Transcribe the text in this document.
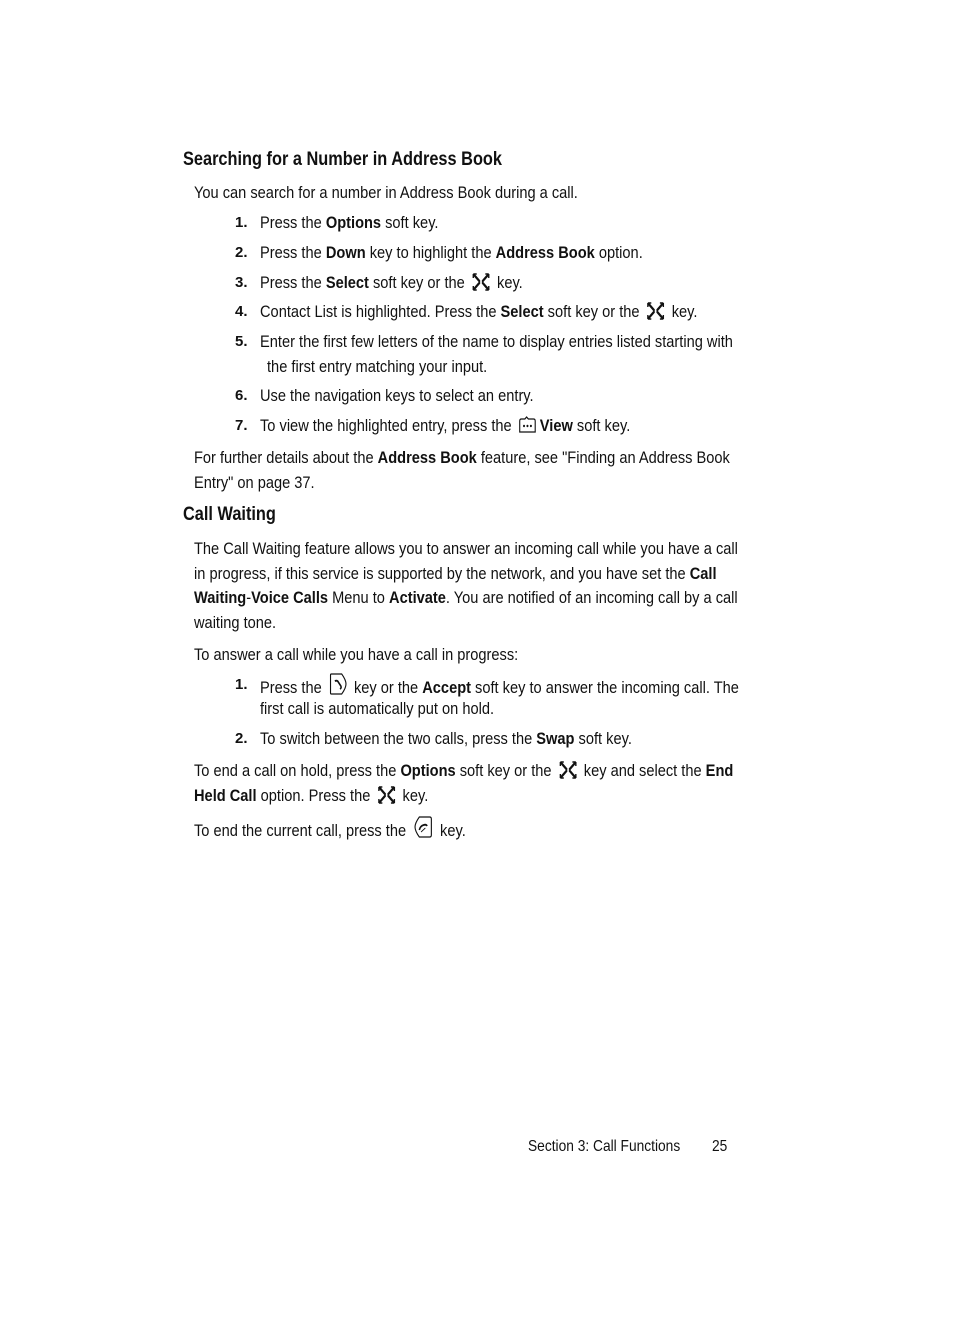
Searching for a Number in Address Book
You can search for a number in Address Book during a call.
1. Press the Options soft key.
2. Press the Down key to highlight the Address Book option.
3. Press the Select soft key or the  key.
4. Contact List is highlighted. Press the Select soft key or the  key.
5. Enter the first few letters of the name to display entries listed starting with
the first entry matching your input.
6. Use the navigation keys to select an entry.
7. To view the highlighted entry, press the View soft key.
For further details about the Address Book feature, see "Finding an Address Book
Entry" on page 37.
Call Waiting
The Call Waiting feature allows you to answer an incoming call while you have a call
in progress, if this service is supported by the network, and you have set the Call
Waiting-Voice Calls Menu to Activate. You are notified of an incoming call by a call
waiting tone.
To answer a call while you have a call in progress:
1. Press the  key or the Accept soft key to answer the incoming call. The
first call is automatically put on hold.
2. To switch between the two calls, press the Swap soft key.
To end a call on hold, press the Options soft key or the  key and select the End
Held Call option. Press the  key.
To end the current call, press the  key.
Section 3: Call Functions 25
